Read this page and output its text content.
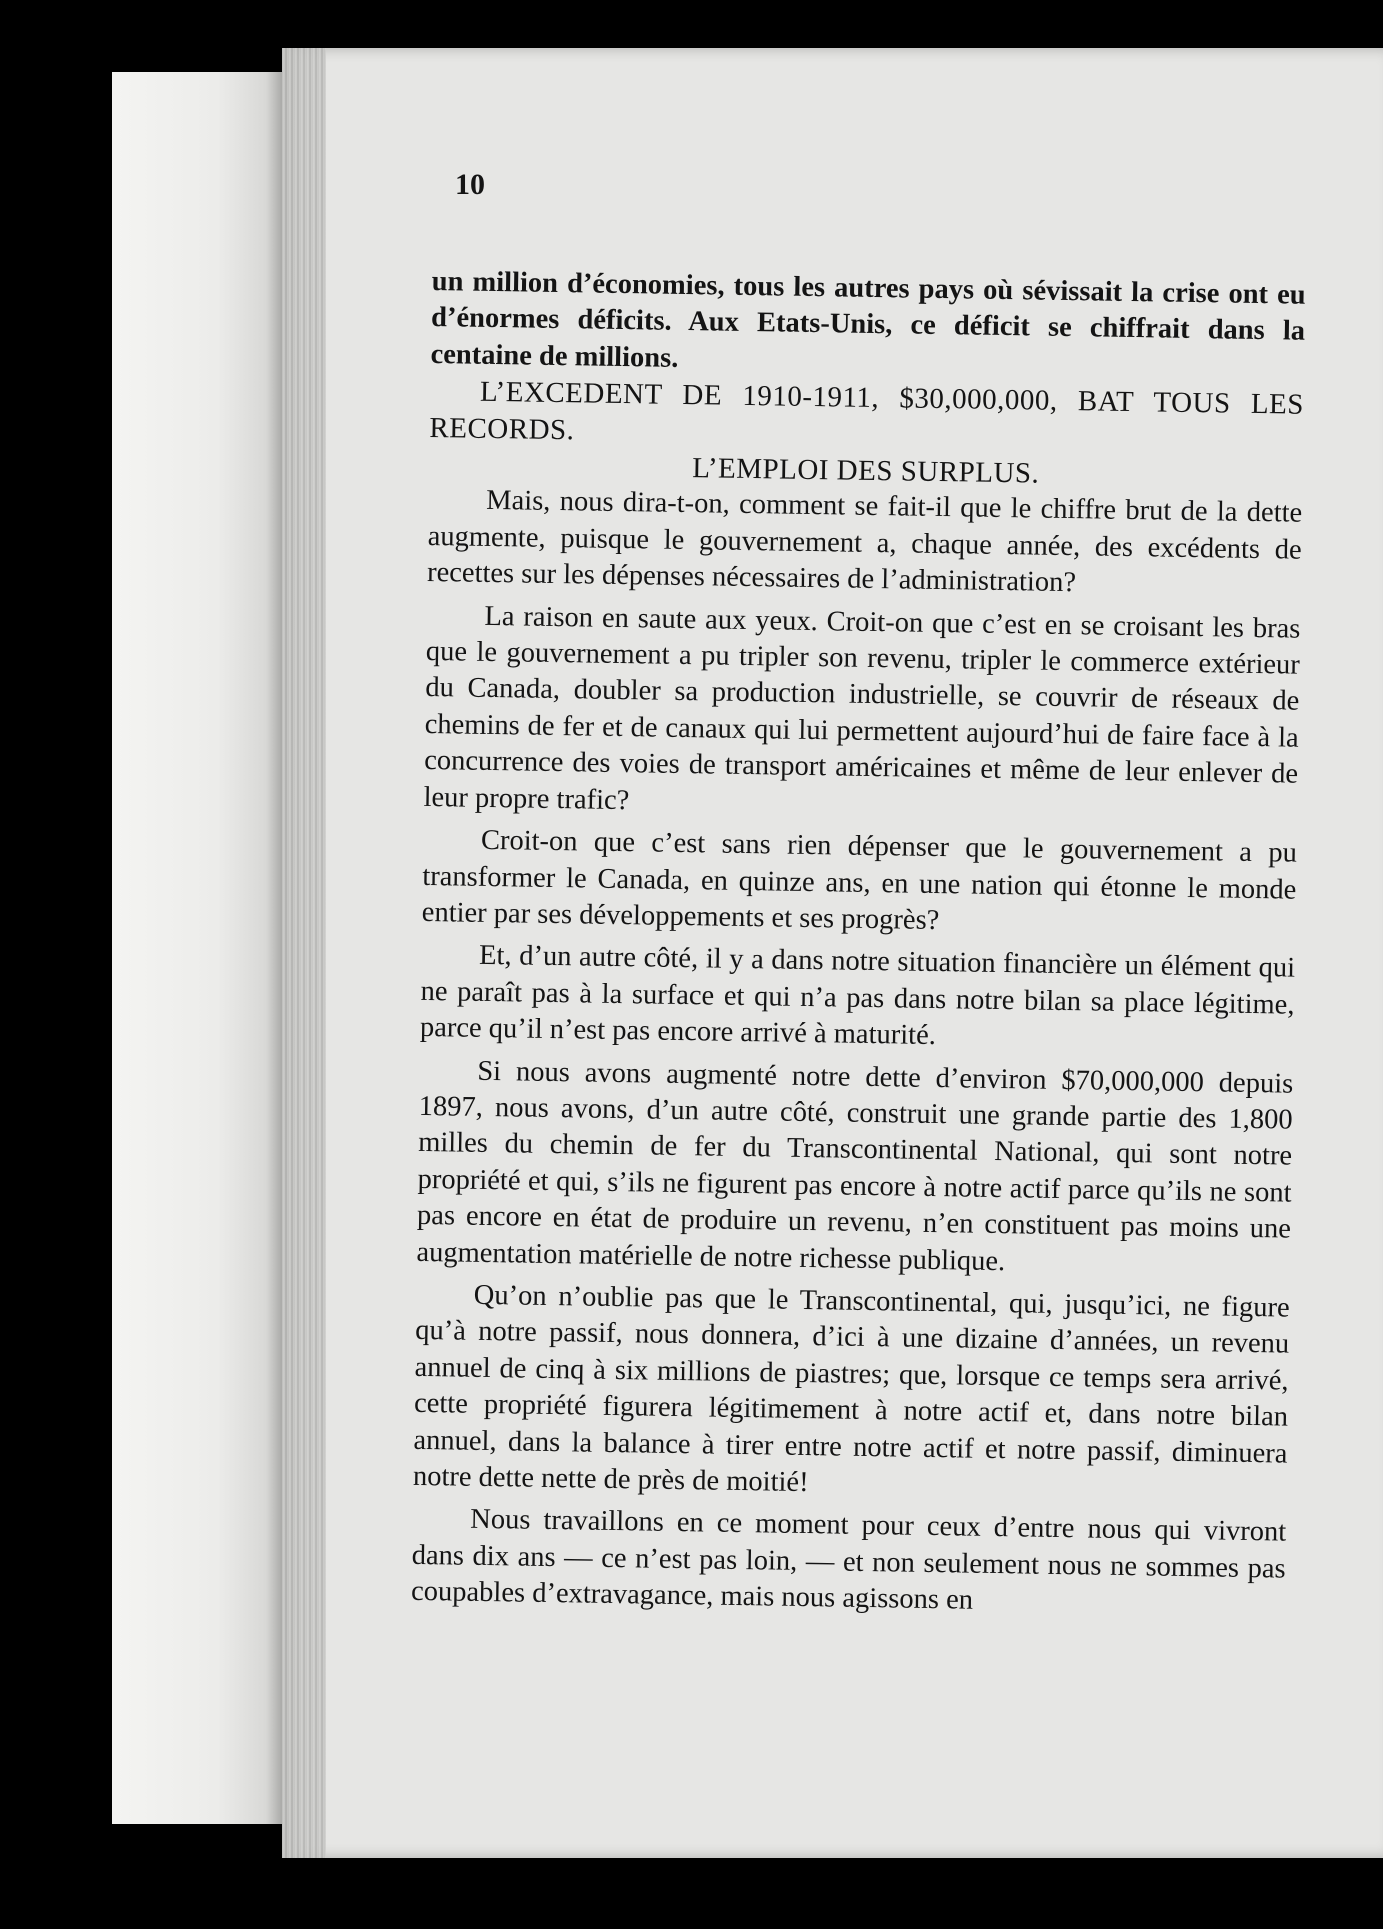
10

un million d’économies, tous les autres pays où sévissait la crise ont eu d’énormes déficits. Aux Etats-Unis, ce déficit se chiffrait dans la centaine de millions.

L’EXCEDENT DE 1910-1911, $30,000,000, BAT TOUS LES RECORDS.

L’EMPLOI DES SURPLUS.

Mais, nous dira-t-on, comment se fait-il que le chiffre brut de la dette augmente, puisque le gouvernement a, chaque année, des excédents de recettes sur les dépenses nécessaires de l’administration?

La raison en saute aux yeux. Croit-on que c’est en se croisant les bras que le gouvernement a pu tripler son revenu, tripler le commerce extérieur du Canada, doubler sa production industrielle, se couvrir de réseaux de chemins de fer et de canaux qui lui permettent aujourd’hui de faire face à la concurrence des voies de transport américaines et même de leur enlever de leur propre trafic?

Croit-on que c’est sans rien dépenser que le gouvernement a pu transformer le Canada, en quinze ans, en une nation qui étonne le monde entier par ses développements et ses progrès?

Et, d’un autre côté, il y a dans notre situation financière un élément qui ne paraît pas à la surface et qui n’a pas dans notre bilan sa place légitime, parce qu’il n’est pas encore arrivé à maturité.

Si nous avons augmenté notre dette d’environ $70,000,000 depuis 1897, nous avons, d’un autre côté, construit une grande partie des 1,800 milles du chemin de fer du Transcontinental National, qui sont notre propriété et qui, s’ils ne figurent pas encore à notre actif parce qu’ils ne sont pas encore en état de produire un revenu, n’en constituent pas moins une augmentation matérielle de notre richesse publique.

Qu’on n’oublie pas que le Transcontinental, qui, jusqu’ici, ne figure qu’à notre passif, nous donnera, d’ici à une dizaine d’années, un revenu annuel de cinq à six millions de piastres; que, lorsque ce temps sera arrivé, cette propriété figurera légitimement à notre actif et, dans notre bilan annuel, dans la balance à tirer entre notre actif et notre passif, diminuera notre dette nette de près de moitié!

Nous travaillons en ce moment pour ceux d’entre nous qui vivront dans dix ans — ce n’est pas loin, — et non seulement nous ne sommes pas coupables d’extravagance, mais nous agissons en
